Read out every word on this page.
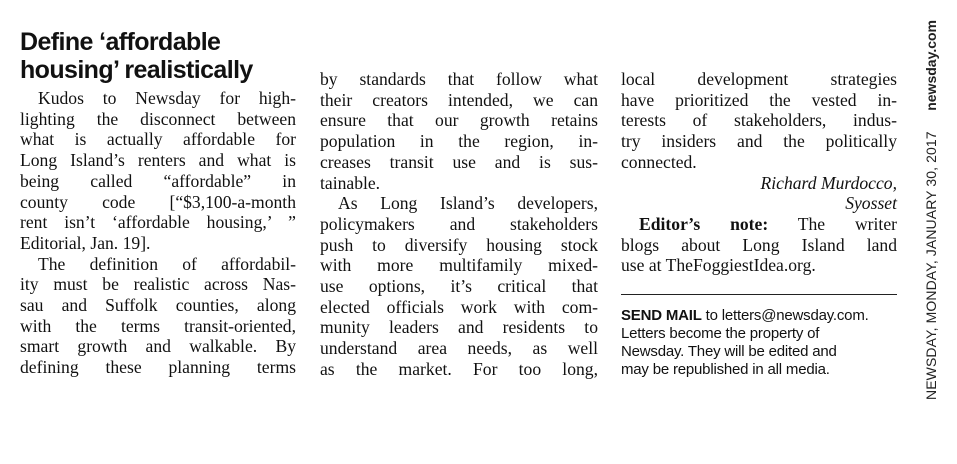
Define ‘affordable
housing’ realistically
Kudos to Newsday for high-
lighting the disconnect between
what is actually affordable for
Long Island’s renters and what is
being called “affordable” in
county code [“$3,100-a-month
rent isn’t ‘affordable housing,’ ”
Editorial, Jan. 19].
The definition of affordabil-
ity must be realistic across Nas-
sau and Suffolk counties, along
with the terms transit-oriented,
smart growth and walkable. By
defining these planning terms
by standards that follow what
their creators intended, we can
ensure that our growth retains
population in the region, in-
creases transit use and is sus-
tainable.
As Long Island’s developers,
policymakers and stakeholders
push to diversify housing stock
with more multifamily mixed-
use options, it’s critical that
elected officials work with com-
munity leaders and residents to
understand area needs, as well
as the market. For too long,
local development strategies
have prioritized the vested in-
terests of stakeholders, indus-
try insiders and the politically
connected.
Richard Murdocco,
Syosset
Editor’s note: The writer
blogs about Long Island land
use at TheFoggiestIdea.org.
SEND MAIL to letters@newsday.com.
Letters become the property of
Newsday. They will be edited and
may be republished in all media.	NEWSDAY, MONDAY, JANUARY 30, 2017
newsday.com
